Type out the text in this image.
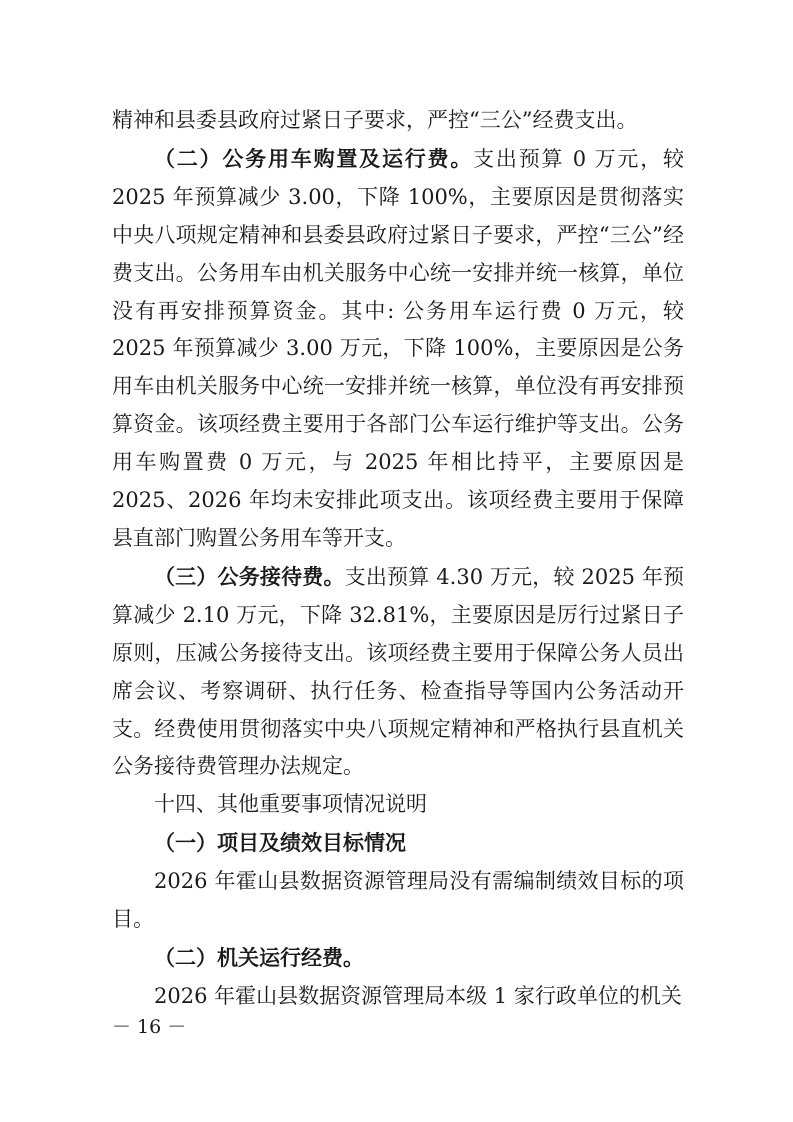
精神和县委县政府过紧日子要求，严控“三公”经费支出。

（二）公务用车购置及运行费。支出预算 0 万元，较 2025 年预算减少 3.00，下降 100%，主要原因是贯彻落实中央八项规定精神和县委县政府过紧日子要求，严控“三公”经费支出。公务用车由机关服务中心统一安排并统一核算，单位没有再安排预算资金。其中: 公务用车运行费 0 万元，较 2025 年预算减少 3.00 万元，下降 100%，主要原因是公务用车由机关服务中心统一安排并统一核算，单位没有再安排预算资金。该项经费主要用于各部门公车运行维护等支出。公务用车购置费 0 万元，与 2025 年相比持平，主要原因是 2025、2026 年均未安排此项支出。该项经费主要用于保障县直部门购置公务用车等开支。

（三）公务接待费。支出预算 4.30 万元，较 2025 年预算减少 2.10 万元，下降 32.81%，主要原因是厉行过紧日子原则，压减公务接待支出。该项经费主要用于保障公务人员出席会议、考察调研、执行任务、检查指导等国内公务活动开支。经费使用贯彻落实中央八项规定精神和严格执行县直机关公务接待费管理办法规定。

十四、其他重要事项情况说明

（一）项目及绩效目标情况

2026 年霍山县数据资源管理局没有需编制绩效目标的项目。

（二）机关运行经费。

2026 年霍山县数据资源管理局本级 1 家行政单位的机关

－ 16 －
